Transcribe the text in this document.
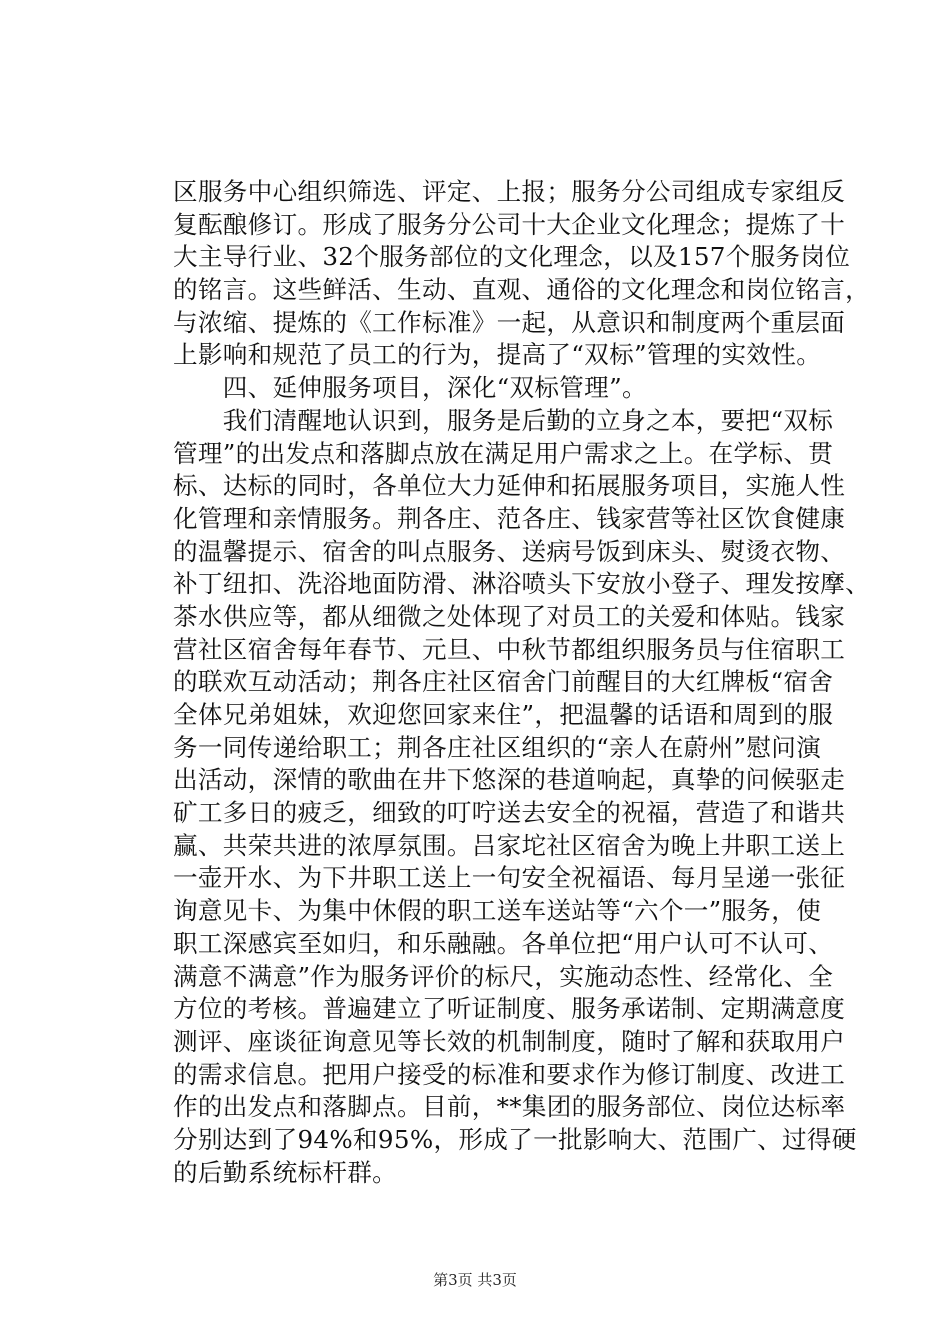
区服务中心组织筛选、评定、上报；服务分公司组成专家组反
复酝酿修订。形成了服务分公司十大企业文化理念；提炼了十
大主导行业、32个服务部位的文化理念，以及157个服务岗位
的铭言。这些鲜活、生动、直观、通俗的文化理念和岗位铭言，
与浓缩、提炼的《工作标准》一起，从意识和制度两个重层面
上影响和规范了员工的行为，提高了“双标”管理的实效性。
　　四、延伸服务项目，深化“双标管理”。
　　我们清醒地认识到，服务是后勤的立身之本，要把“双标
管理”的出发点和落脚点放在满足用户需求之上。在学标、贯
标、达标的同时，各单位大力延伸和拓展服务项目，实施人性
化管理和亲情服务。荆各庄、范各庄、钱家营等社区饮食健康
的温馨提示、宿舍的叫点服务、送病号饭到床头、熨烫衣物、
补丁纽扣、洗浴地面防滑、淋浴喷头下安放小登子、理发按摩、
茶水供应等，都从细微之处体现了对员工的关爱和体贴。钱家
营社区宿舍每年春节、元旦、中秋节都组织服务员与住宿职工
的联欢互动活动；荆各庄社区宿舍门前醒目的大红牌板“宿舍
全体兄弟姐妹，欢迎您回家来住”，把温馨的话语和周到的服
务一同传递给职工；荆各庄社区组织的“亲人在蔚州”慰问演
出活动，深情的歌曲在井下悠深的巷道响起，真挚的问候驱走
矿工多日的疲乏，细致的叮咛送去安全的祝福，营造了和谐共
赢、共荣共进的浓厚氛围。吕家坨社区宿舍为晚上井职工送上
一壶开水、为下井职工送上一句安全祝福语、每月呈递一张征
询意见卡、为集中休假的职工送车送站等“六个一”服务，使
职工深感宾至如归，和乐融融。各单位把“用户认可不认可、
满意不满意”作为服务评价的标尺，实施动态性、经常化、全
方位的考核。普遍建立了听证制度、服务承诺制、定期满意度
测评、座谈征询意见等长效的机制制度，随时了解和获取用户
的需求信息。把用户接受的标准和要求作为修订制度、改进工
作的出发点和落脚点。目前，**集团的服务部位、岗位达标率
分别达到了94%和95%，形成了一批影响大、范围广、过得硬
的后勤系统标杆群。
第3页 共3页
